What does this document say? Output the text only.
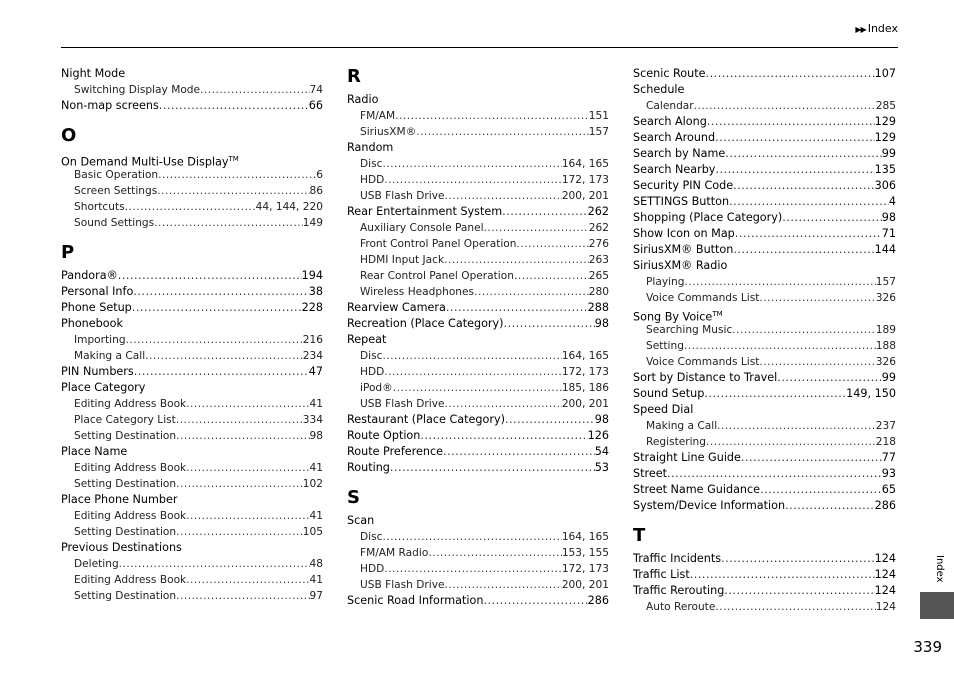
▶▶ Index
Night Mode
Switching Display Mode .....	74
Non-map screens .....	66
O
On Demand Multi-Use Display™
Basic Operation .....	6
Screen Settings .....	86
Shortcuts .....	44, 144, 220
Sound Settings .....	149
P
Pandora® .....	194
Personal Info .....	38
Phone Setup .....	228
Phonebook
Importing .....	216
Making a Call .....	234
PIN Numbers .....	47
Place Category
Editing Address Book .....	41
Place Category List .....	334
Setting Destination .....	98
Place Name
Editing Address Book .....	41
Setting Destination .....	102
Place Phone Number
Editing Address Book .....	41
Setting Destination .....	105
Previous Destinations
Deleting .....	48
Editing Address Book .....	41
Setting Destination .....	97
R
Radio
FM/AM .....	151
SiriusXM® .....	157
Random
Disc .....	164, 165
HDD .....	172, 173
USB Flash Drive .....	200, 201
Rear Entertainment System .....	262
Auxiliary Console Panel .....	262
Front Control Panel Operation .....	276
HDMI Input Jack .....	263
Rear Control Panel Operation .....	265
Wireless Headphones .....	280
Rearview Camera .....	288
Recreation (Place Category) .....	98
Repeat
Disc .....	164, 165
HDD .....	172, 173
iPod® .....	185, 186
USB Flash Drive .....	200, 201
Restaurant (Place Category) .....	98
Route Option .....	126
Route Preference .....	54
Routing .....	53
S
Scan
Disc .....	164, 165
FM/AM Radio .....	153, 155
HDD .....	172, 173
USB Flash Drive .....	200, 201
Scenic Road Information .....	286
Scenic Route .....	107
Schedule
Calendar .....	285
Search Along .....	129
Search Around .....	129
Search by Name .....	99
Search Nearby .....	135
Security PIN Code .....	306
SETTINGS Button .....	4
Shopping (Place Category) .....	98
Show Icon on Map .....	71
SiriusXM® Button .....	144
SiriusXM® Radio
Playing .....	157
Voice Commands List .....	326
Song By Voice™
Searching Music .....	189
Setting .....	188
Voice Commands List .....	326
Sort by Distance to Travel .....	99
Sound Setup .....	149, 150
Speed Dial
Making a Call .....	237
Registering .....	218
Straight Line Guide .....	77
Street .....	93
Street Name Guidance .....	65
System/Device Information .....	286
T
Traffic Incidents .....	124
Traffic List .....	124
Traffic Rerouting .....	124
Auto Reroute .....	124
Index
339
